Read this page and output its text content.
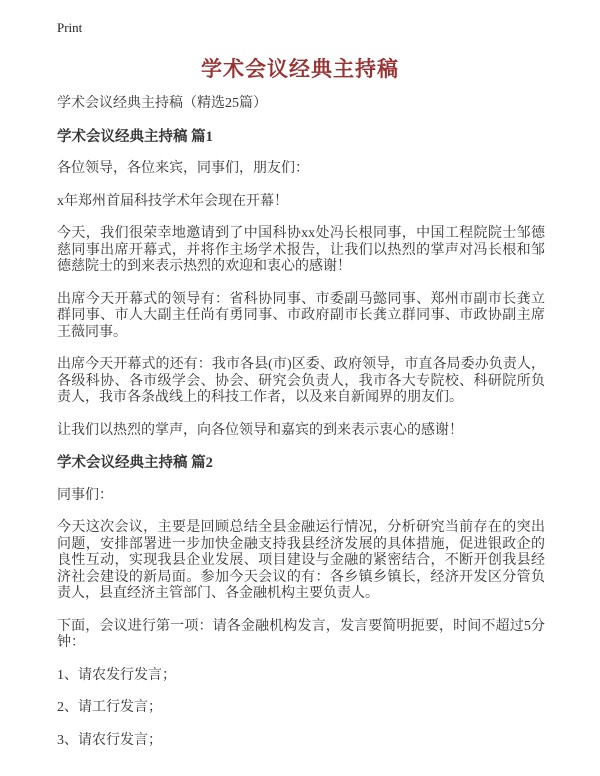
Print
学术会议经典主持稿

学术会议经典主持稿（精选25篇）

学术会议经典主持稿 篇1

各位领导，各位来宾，同事们，朋友们：

x年郑州首届科技学术年会现在开幕！

今天，我们很荣幸地邀请到了中国科协xx处冯长根同事，中国工程院院士邹德慈同事出席开幕式，并将作主场学术报告，让我们以热烈的掌声对冯长根和邹德慈院士的到来表示热烈的欢迎和衷心的感谢！

出席今天开幕式的领导有：省科协同事、市委副马懿同事、郑州市副市长龚立群同事、市人大副主任尚有勇同事、市政府副市长龚立群同事、市政协副主席王薇同事。

出席今天开幕式的还有：我市各县(市)区委、政府领导，市直各局委办负责人，各级科协、各市级学会、协会、研究会负责人，我市各大专院校、科研院所负责人，我市各条战线上的科技工作者，以及来自新闻界的朋友们。

让我们以热烈的掌声，向各位领导和嘉宾的到来表示衷心的感谢！

学术会议经典主持稿 篇2

同事们：

今天这次会议，主要是回顾总结全县金融运行情况，分析研究当前存在的突出问题，安排部署进一步加快金融支持我县经济发展的具体措施，促进银政企的良性互动，实现我县企业发展、项目建设与金融的紧密结合，不断开创我县经济社会建设的新局面。参加今天会议的有：各乡镇乡镇长，经济开发区分管负责人，县直经济主管部门、各金融机构主要负责人。

下面，会议进行第一项：请各金融机构发言，发言要简明扼要，时间不超过5分钟：

1、请农发行发言；

2、请工行发言；

3、请农行发言；
